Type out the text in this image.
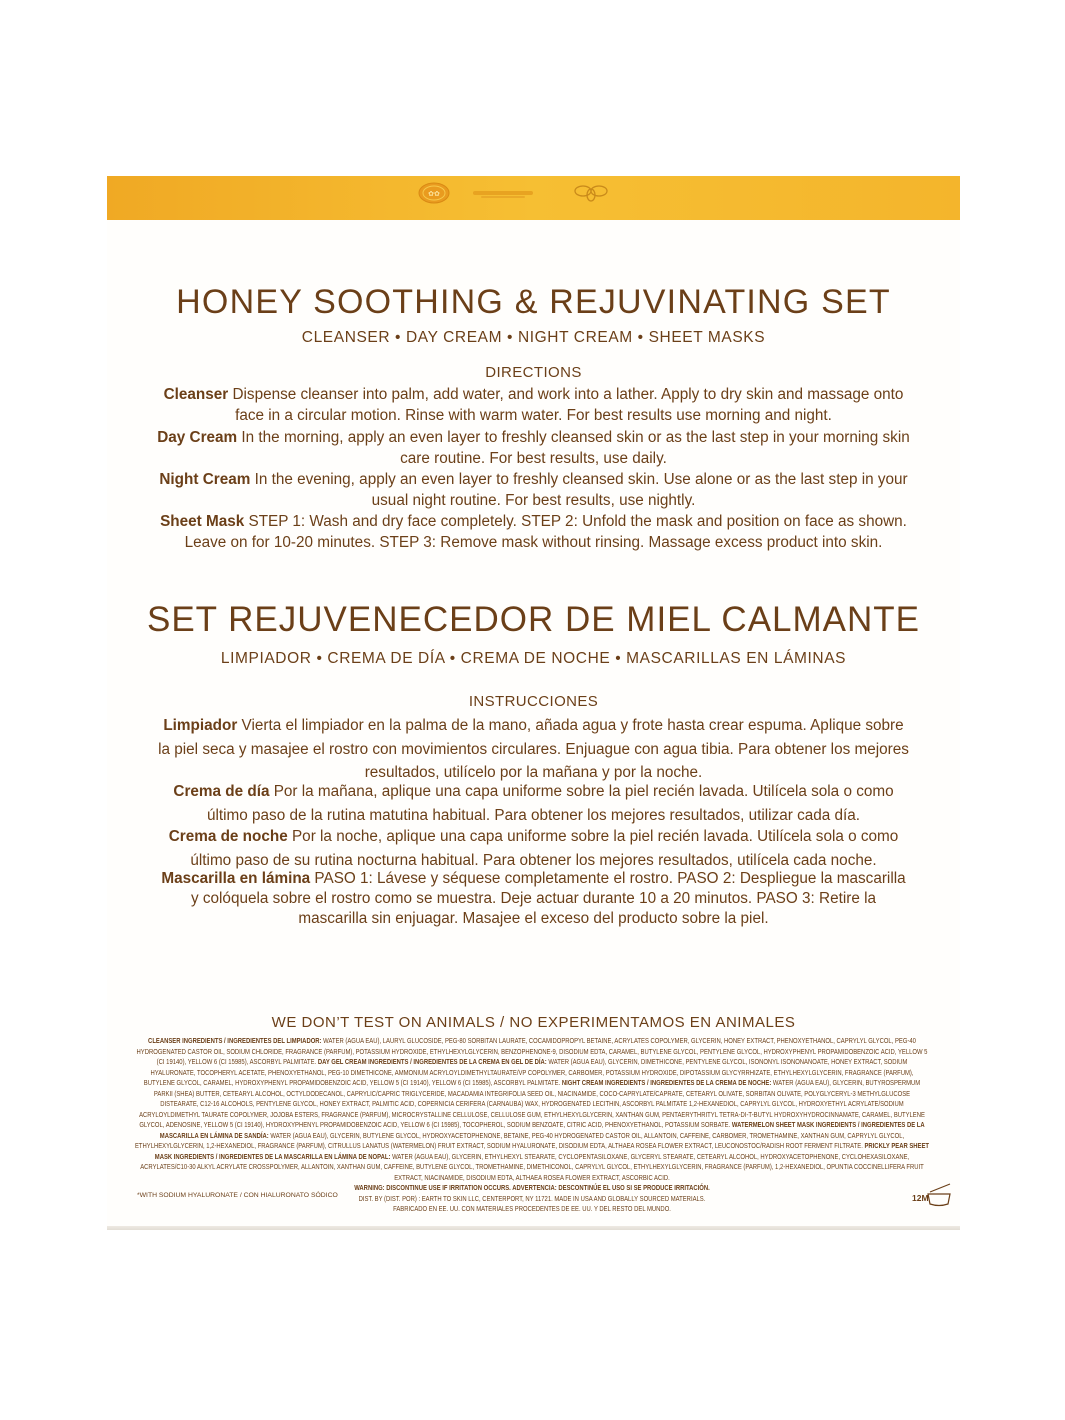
✿✿
HONEY SOOTHING & REJUVINATING SET
CLEANSER • DAY CREAM • NIGHT CREAM • SHEET MASKS
DIRECTIONS
Cleanser Dispense cleanser into palm, add water, and work into a lather. Apply to dry skin and massage onto face in a circular motion. Rinse with warm water. For best results use morning and night.
Day Cream In the morning, apply an even layer to freshly cleansed skin or as the last step in your morning skin care routine. For best results, use daily.
Night Cream In the evening, apply an even layer to freshly cleansed skin. Use alone or as the last step in your usual night routine. For best results, use nightly.
Sheet Mask STEP 1: Wash and dry face completely. STEP 2: Unfold the mask and position on face as shown. Leave on for 10-20 minutes. STEP 3: Remove mask without rinsing. Massage excess product into skin.
SET REJUVENECEDOR DE MIEL CALMANTE
LIMPIADOR • CREMA DE DÍA • CREMA DE NOCHE • MASCARILLAS EN LÁMINAS
INSTRUCCIONES
Limpiador Vierta el limpiador en la palma de la mano, añada agua y frote hasta crear espuma. Aplique sobre la piel seca y masajee el rostro con movimientos circulares. Enjuague con agua tibia. Para obtener los mejores resultados, utilícelo por la mañana y por la noche.
Crema de día Por la mañana, aplique una capa uniforme sobre la piel recién lavada. Utilícela sola o como último paso de la rutina matutina habitual. Para obtener los mejores resultados, utilizar cada día.
Crema de noche Por la noche, aplique una capa uniforme sobre la piel recién lavada. Utilícela sola o como último paso de su rutina nocturna habitual. Para obtener los mejores resultados, utilícela cada noche.
Mascarilla en lámina PASO 1: Lávese y séquese completamente el rostro. PASO 2: Despliegue la mascarilla y colóquela sobre el rostro como se muestra. Deje actuar durante 10 a 20 minutos. PASO 3: Retire la mascarilla sin enjuagar. Masajee el exceso del producto sobre la piel.
WE DON’T TEST ON ANIMALS / NO EXPERIMENTAMOS EN ANIMALES
CLEANSER INGREDIENTS / INGREDIENTES DEL LIMPIADOR: WATER (AGUA EAU), LAURYL GLUCOSIDE, PEG-80 SORBITAN LAURATE, COCAMIDOPROPYL BETAINE, ACRYLATES COPOLYMER, GLYCERIN, HONEY EXTRACT, PHENOXYETHANOL, CAPRYLYL GLYCOL, PEG-40 HYDROGENATED CASTOR OIL, SODIUM CHLORIDE, FRAGRANCE (PARFUM), POTASSIUM HYDROXIDE, ETHYLHEXYLGLYCERIN, BENZOPHENONE-9, DISODIUM EDTA, CARAMEL, BUTYLENE GLYCOL, PENTYLENE GLYCOL, HYDROXYPHENYL PROPAMIDOBENZOIC ACID, YELLOW 5 (CI 19140), YELLOW 6 (CI 15985), ASCORBYL PALMITATE. DAY GEL CREAM INGREDIENTS / INGREDIENTES DE LA CREMA EN GEL DE DÍA: WATER (AGUA EAU), GLYCERIN, DIMETHICONE, PENTYLENE GLYCOL, ISONONYL ISONONANOATE, HONEY EXTRACT, SODIUM HYALURONATE, TOCOPHERYL ACETATE, PHENOXYETHANOL, PEG-10 DIMETHICONE, AMMONIUM ACRYLOYLDIMETHYLTAURATE/VP COPOLYMER, CARBOMER, POTASSIUM HYDROXIDE, DIPOTASSIUM GLYCYRRHIZATE, ETHYLHEXYLGLYCERIN, FRAGRANCE (PARFUM), BUTYLENE GLYCOL, CARAMEL, HYDROXYPHENYL PROPAMIDOBENZOIC ACID, YELLOW 5 (CI 19140), YELLOW 6 (CI 15985), ASCORBYL PALMITATE. NIGHT CREAM INGREDIENTS / INGREDIENTES DE LA CREMA DE NOCHE: WATER (AGUA EAU), GLYCERIN, BUTYROSPERMUM PARKII (SHEA) BUTTER, CETEARYL ALCOHOL, OCTYLDODECANOL, CAPRYLIC/CAPRIC TRIGLYCERIDE, MACADAMIA INTEGRIFOLIA SEED OIL, NIACINAMIDE, COCO-CAPRYLATE/CAPRATE, CETEARYL OLIVATE, SORBITAN OLIVATE, POLYGLYCERYL-3 METHYLGLUCOSE DISTEARATE, C12-16 ALCOHOLS, PENTYLENE GLYCOL, HONEY EXTRACT, PALMITIC ACID, COPERNICIA CERIFERA (CARNAUBA) WAX, HYDROGENATED LECITHIN, ASCORBYL PALMITATE 1,2-HEXANEDIOL, CAPRYLYL GLYCOL, HYDROXYETHYL ACRYLATE/SODIUM ACRYLOYLDIMETHYL TAURATE COPOLYMER, JOJOBA ESTERS, FRAGRANCE (PARFUM), MICROCRYSTALLINE CELLULOSE, CELLULOSE GUM, ETHYLHEXYLGLYCERIN, XANTHAN GUM, PENTAERYTHRITYL TETRA-DI-T-BUTYL HYDROXYHYDROCINNAMATE, CARAMEL, BUTYLENE GLYCOL, ADENOSINE, YELLOW 5 (CI 19140), HYDROXYPHENYL PROPAMIDOBENZOIC ACID, YELLOW 6 (CI 15985), TOCOPHEROL, SODIUM BENZOATE, CITRIC ACID, PHENOXYETHANOL, POTASSIUM SORBATE. WATERMELON SHEET MASK INGREDIENTS / INGREDIENTES DE LA MASCARILLA EN LÁMINA DE SANDÍA: WATER (AGUA EAU), GLYCERIN, BUTYLENE GLYCOL, HYDROXYACETOPHENONE, BETAINE, PEG-40 HYDROGENATED CASTOR OIL, ALLANTOIN, CAFFEINE, CARBOMER, TROMETHAMINE, XANTHAN GUM, CAPRYLYL GLYCOL, ETHYLHEXYLGLYCERIN, 1,2-HEXANEDIOL, FRAGRANCE (PARFUM), CITRULLUS LANATUS (WATERMELON) FRUIT EXTRACT, SODIUM HYALURONATE, DISODIUM EDTA, ALTHAEA ROSEA FLOWER EXTRACT, LEUCONOSTOC/RADISH ROOT FERMENT FILTRATE. PRICKLY PEAR SHEET MASK INGREDIENTS / INGREDIENTES DE LA MASCARILLA EN LÁMINA DE NOPAL: WATER (AGUA EAU), GLYCERIN, ETHYLHEXYL STEARATE, CYCLOPENTASILOXANE, GLYCERYL STEARATE, CETEARYL ALCOHOL, HYDROXYACETOPHENONE, CYCLOHEXASILOXANE, ACRYLATES/C10-30 ALKYL ACRYLATE CROSSPOLYMER, ALLANTOIN, XANTHAN GUM, CAFFEINE, BUTYLENE GLYCOL, TROMETHAMINE, DIMETHICONOL, CAPRYLYL GLYCOL, ETHYLHEXYLGLYCERIN, FRAGRANCE (PARFUM), 1,2-HEXANEDIOL, OPUNTIA COCCINELLIFERA FRUIT EXTRACT, NIACINAMIDE, DISODIUM EDTA, ALTHAEA ROSEA FLOWER EXTRACT, ASCORBIC ACID.
WARNING: DISCONTINUE USE IF IRRITATION OCCURS. ADVERTENCIA: DESCONTINÚE EL USO SI SE PRODUCE IRRITACIÓN.
DIST. BY (DIST. POR) : EARTH TO SKIN LLC, CENTERPORT, NY 11721. MADE IN USA AND GLOBALLY SOURCED MATERIALS.
FABRICADO EN EE. UU. CON MATERIALES PROCEDENTES DE EE. UU. Y DEL RESTO DEL MUNDO.
*WITH SODIUM HYALURONATE / CON HIALURONATO SÓDICO	12M
